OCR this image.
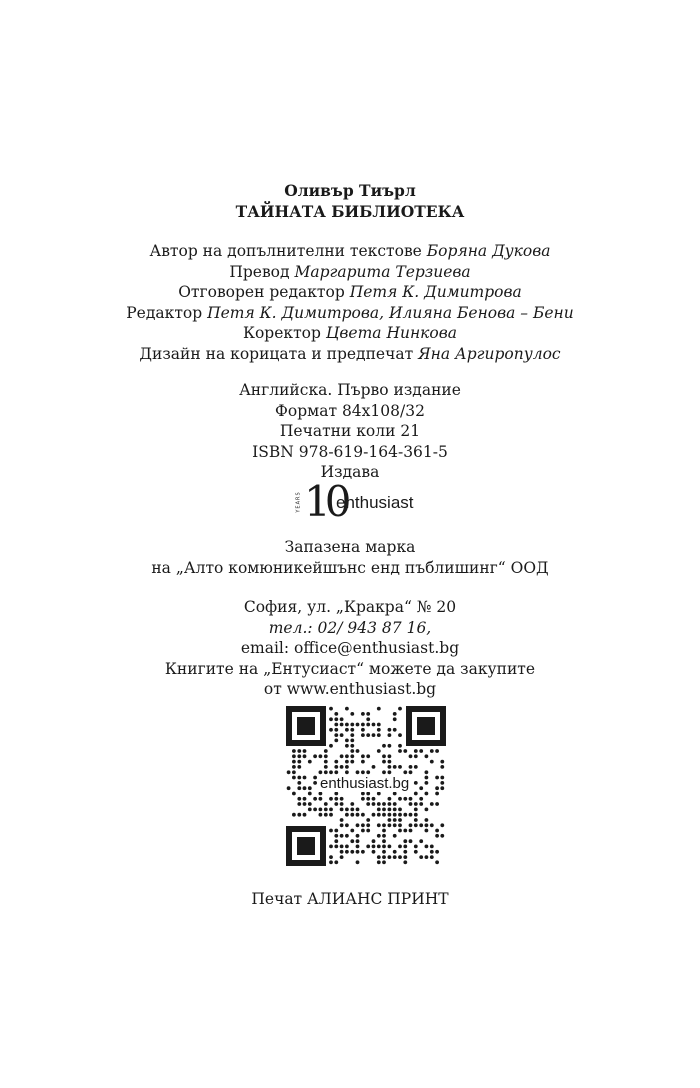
Оливър Тиърл
ТАЙНАТА БИБЛИОТЕКА
Автор на допълнителни текстове Боряна Дукова
Превод Маргарита Терзиева
Отговорен редактор Петя К. Димитрова
Редактор Петя К. Димитрова, Илияна Бенова – Бени
Коректор Цвета Нинкова
Дизайн на корицата и предпечат Яна Аргиропулос
Английска. Първо издание
Формат 84x108/32
Печатни коли 21
ISBN 978-619-164-361-5
Издава
YEARS 10
enthusiast
Запазена марка
на „Алто комюникейшънс енд пъблишинг“ ООД
София, ул. „Кракра“ № 20
тел.: 02/ 943 87 16,
email: office@enthusiast.bg
Книгите на „Ентусиаст“ можете да закупите
от www.enthusiast.bg
enthusiast.bg
Печат АЛИАНС ПРИНТ
